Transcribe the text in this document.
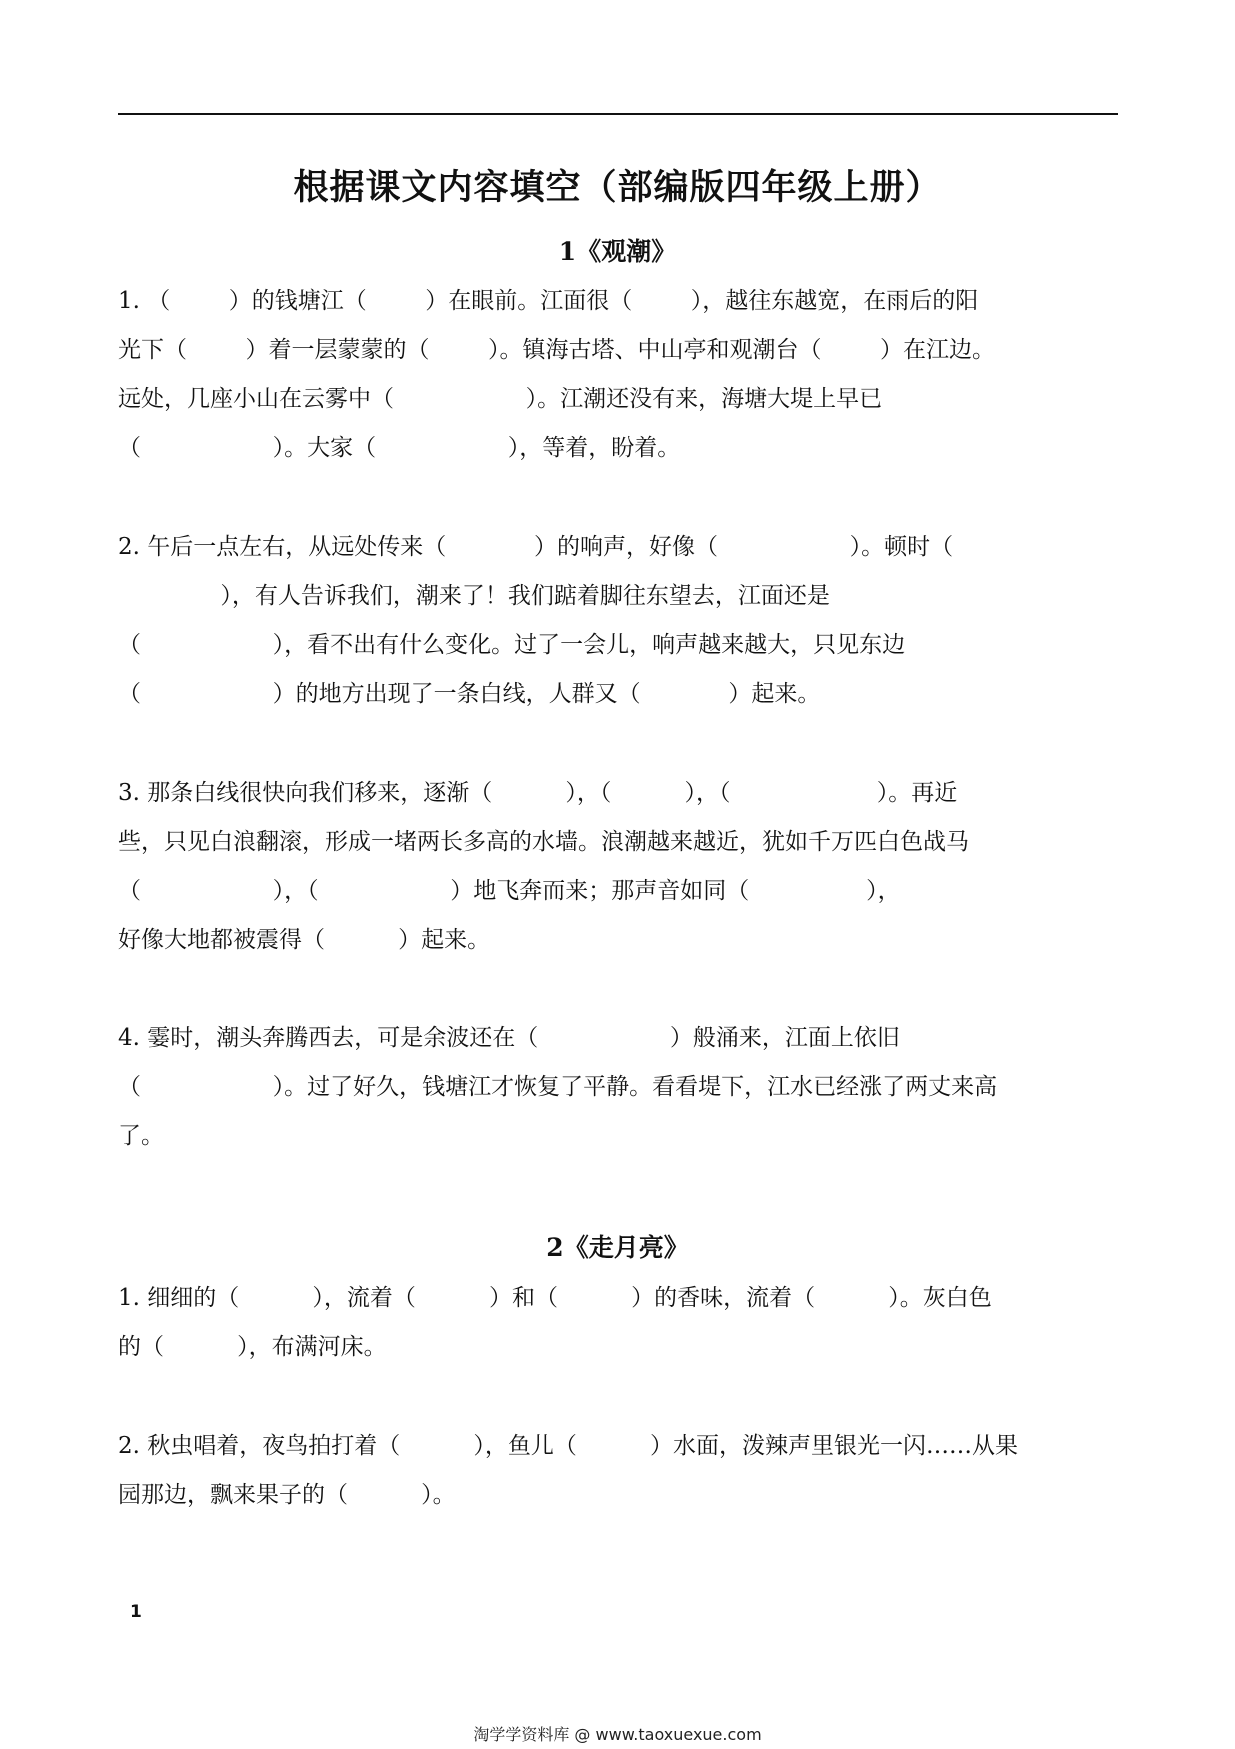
根据课文内容填空（部编版四年级上册）
1《观潮》
1. （        ）的钱塘江（        ）在眼前。江面很（        ），越往东越宽，在雨后的阳
光下（        ）着一层蒙蒙的（        ）。镇海古塔、中山亭和观潮台（        ）在江边。
远处，几座小山在云雾中（                  ）。江潮还没有来，海塘大堤上早已
（                  ）。大家（                  ），等着，盼着。
2. 午后一点左右，从远处传来（            ）的响声，好像（                  ）。顿时（
），有人告诉我们，潮来了！我们踮着脚往东望去，江面还是
（                  ），看不出有什么变化。过了一会儿，响声越来越大，只见东边
（                  ）的地方出现了一条白线，人群又（            ）起来。
3. 那条白线很快向我们移来，逐渐（          ），（          ），（                    ）。再近
些，只见白浪翻滚，形成一堵两长多高的水墙。浪潮越来越近，犹如千万匹白色战马
（                  ），（                  ）地飞奔而来；那声音如同（                ），
好像大地都被震得（          ）起来。
4. 霎时，潮头奔腾西去，可是余波还在（                  ）般涌来，江面上依旧
（                  ）。过了好久，钱塘江才恢复了平静。看看堤下，江水已经涨了两丈来高
了。
2《走月亮》
1. 细细的（          ），流着（          ）和（          ）的香味，流着（          ）。灰白色
的（          ），布满河床。
2. 秋虫唱着，夜鸟拍打着（          ），鱼儿（          ）水面，泼辣声里银光一闪……从果
园那边，飘来果子的（          ）。
1
淘学学资料库 @ www.taoxuexue.com
